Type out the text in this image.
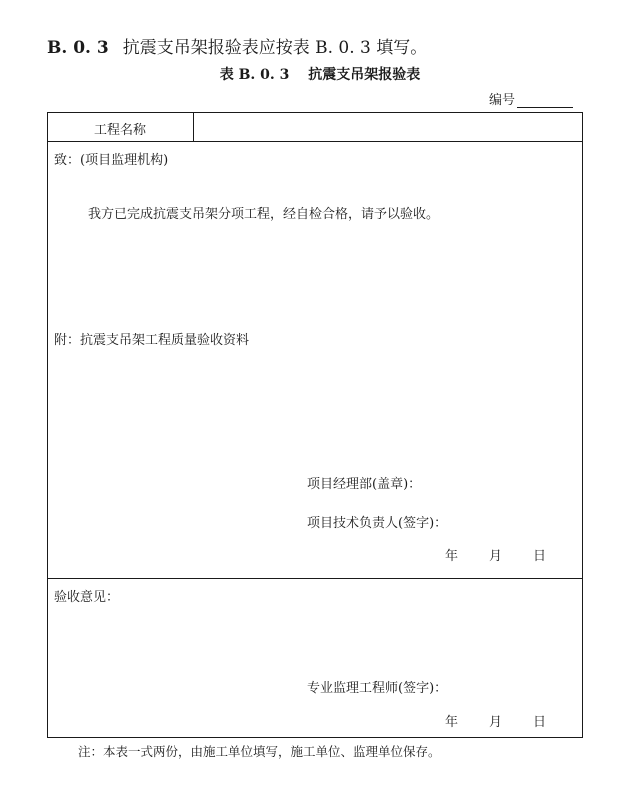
B. 0. 3 抗震支吊架报验表应按表 B. 0. 3 填写。
表 B. 0. 3　 抗震支吊架报验表
编号
工程名称
致：(项目监理机构)
我方已完成抗震支吊架分项工程，经自检合格，请予以验收。
附：抗震支吊架工程质量验收资料
项目经理部(盖章)：
项目技术负责人(签字)：
年 月 日
验收意见：
专业监理工程师(签字)：
年 月 日
注：本表一式两份，由施工单位填写，施工单位、监理单位保存。
